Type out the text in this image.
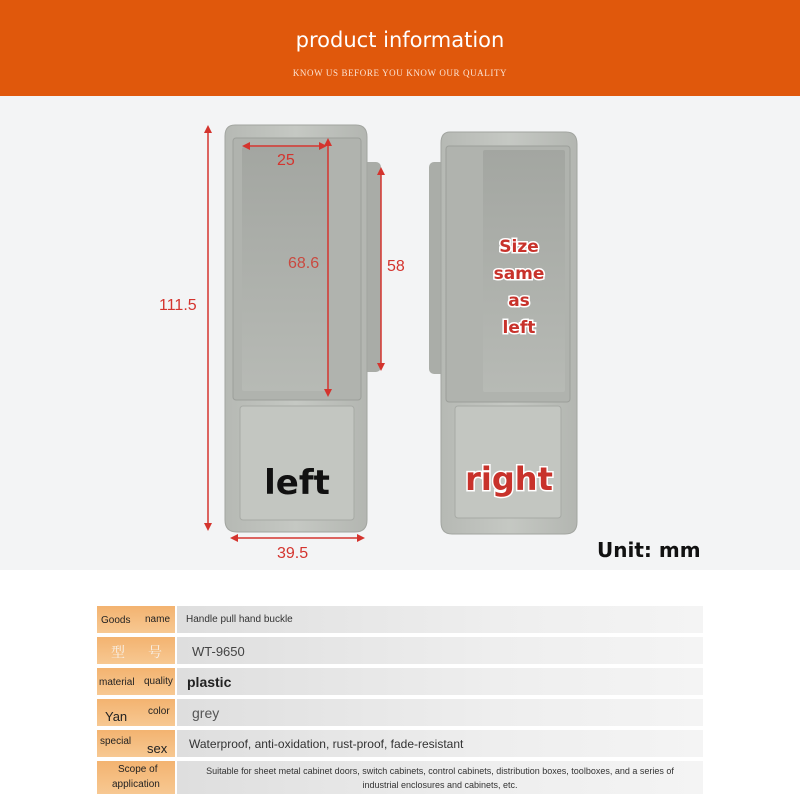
product information
KNOW US BEFORE YOU KNOW OUR QUALITY
111.5
25
68.6	58
39.5
Size
same
as
left
left	right
Unit: mm
Goods name Handle pull hand buckle
型 号 WT-9650
material quality plastic
Yan color grey
special sex Waterproof, anti-oxidation, rust-proof, fade-resistant
Scope of
application
Suitable for sheet metal cabinet doors, switch cabinets, control cabinets, distribution boxes, toolboxes, and a series of
industrial enclosures and cabinets, etc.
